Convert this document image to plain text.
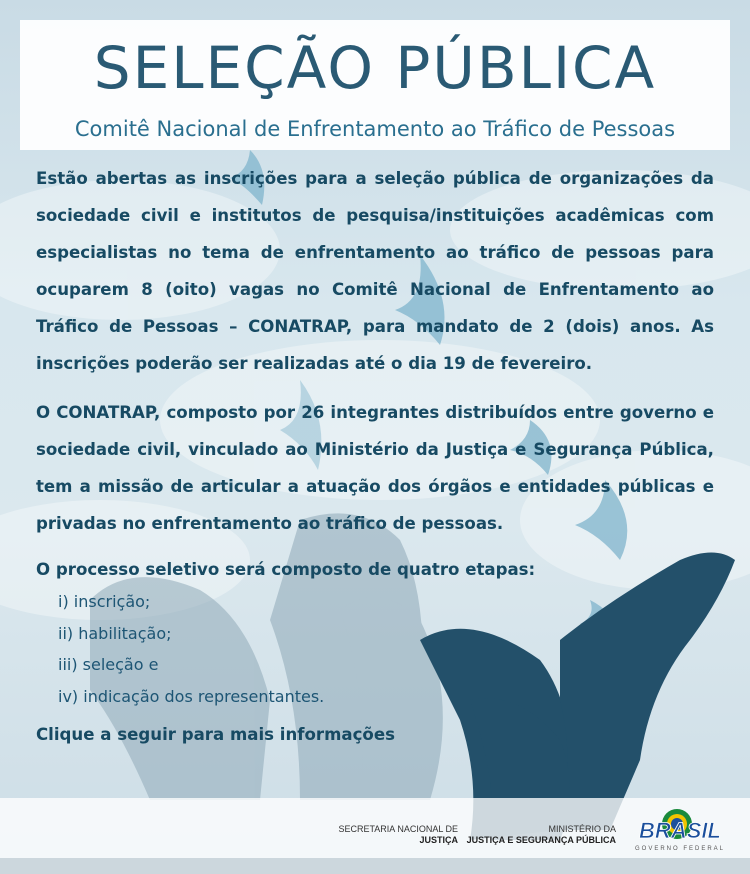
SELEÇÃO PÚBLICA
Comitê Nacional de Enfrentamento ao Tráfico de Pessoas

Estão abertas as inscrições para a seleção pública de organizações da sociedade civil e institutos de pesquisa/instituições acadêmicas com especialistas no tema de enfrentamento ao tráfico de pessoas para ocuparem 8 (oito) vagas no Comitê Nacional de Enfrentamento ao Tráfico de Pessoas – CONATRAP, para mandato de 2 (dois) anos. As inscrições poderão ser realizadas até o dia 19 de fevereiro.

O CONATRAP, composto por 26 integrantes distribuídos entre governo e sociedade civil, vinculado ao Ministério da Justiça e Segurança Pública, tem a missão de articular a atuação dos órgãos e entidades públicas e privadas no enfrentamento ao tráfico de pessoas.

O processo seletivo será composto de quatro etapas:
i) inscrição;
ii) habilitação;
iii) seleção e
iv) indicação dos representantes.
Clique a seguir para mais informações
SECRETARIA NACIONAL DE
JUSTIÇA
MINISTÉRIO DA
JUSTIÇA E SEGURANÇA PÚBLICA BRASIL
GOVERNO FEDERAL
